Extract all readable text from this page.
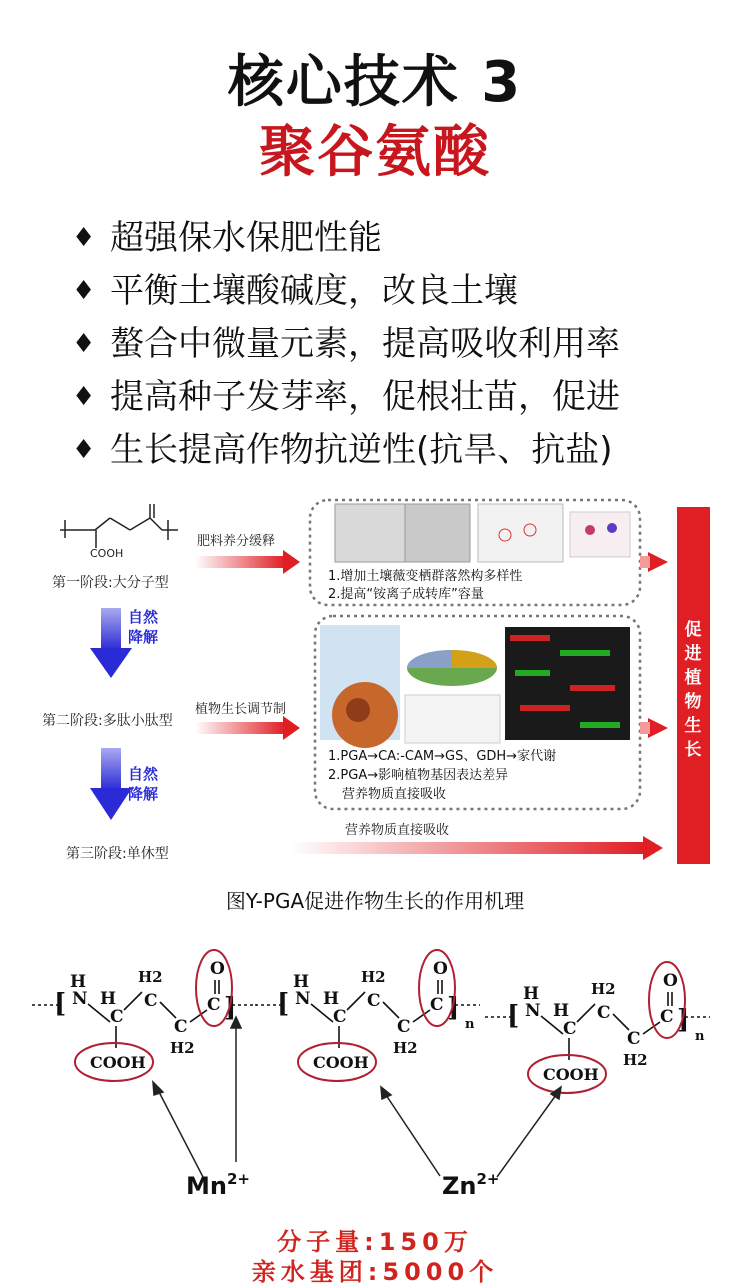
核心技术 3
聚谷氨酸
♦ 超强保水保肥性能
♦ 平衡土壤酸碱度，改良土壤
♦ 螯合中微量元素，提高吸收利用率
♦ 提高种子发芽率，促根壮苗，促进
♦ 生长提高作物抗逆性(抗旱、抗盐)
COOH
第一阶段:大分子型
第二阶段:多肽小肽型
第三阶段:单休型
自然
降解
自然
降解
肥料养分缓释
植物生长调节制
营养物质直接吸收
1.增加土壤薇变栖群落然构多样性
2.提高“铵离子成转库”容量
1.PGA→CA:-CAM→GS、GDH→家代谢
2.PGA→影响植物基因表达差异
营养物质直接吸收
促进植物生长
图Y-PGA促进作物生长的作用机理
[
H
N H
C
H2
C
C
H2
C
O
COOH
] [
H
N H
C
H2
C
C
H2
C
O
COOH
]
n [
H
N H
C
H2
C
C
H2
C
O
COOH
]
n
$Mn^{2+}$	$Zn^{2+}$
分子量:150万
亲水基团:5000个
